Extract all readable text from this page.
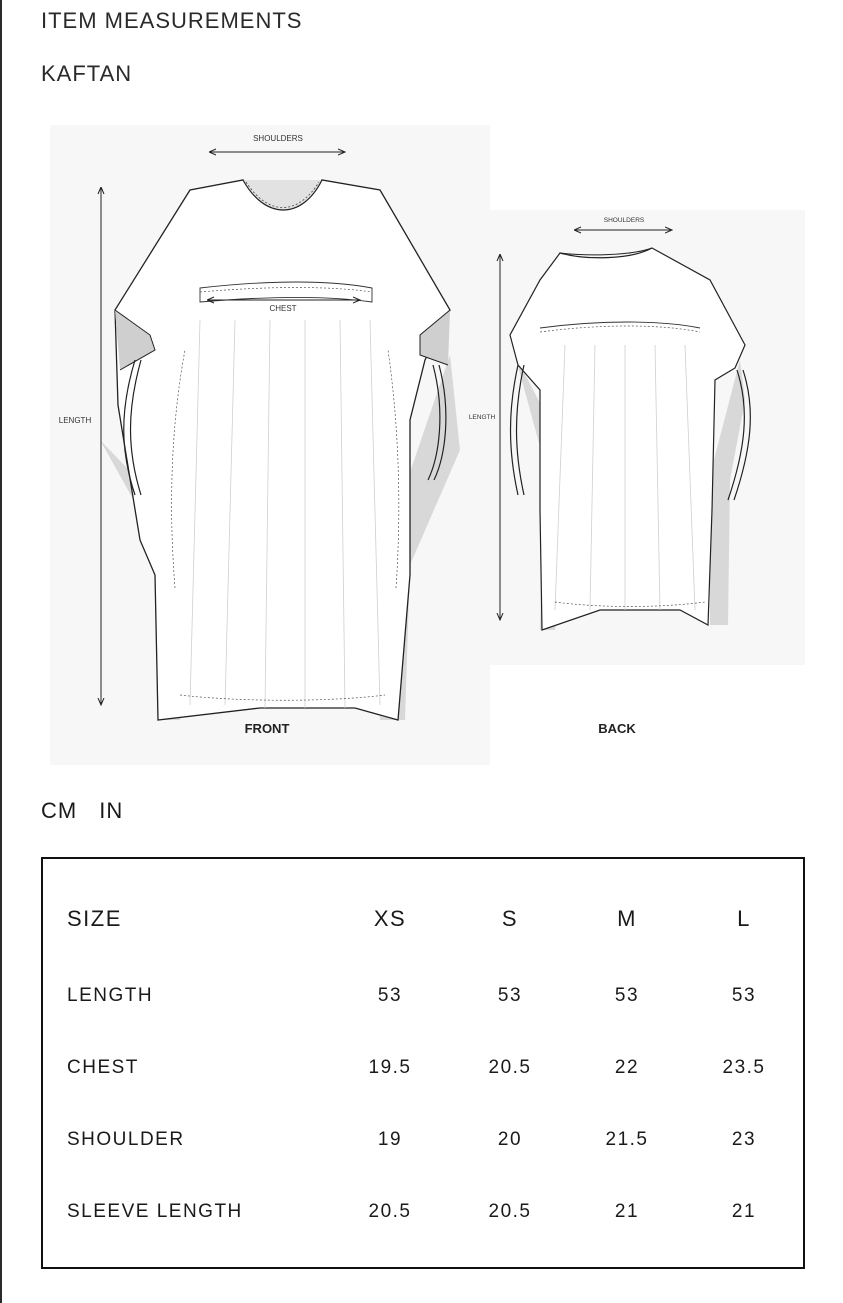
ITEM MEASUREMENTS
KAFTAN
SHOULDERS
CHEST
LENGTH
FRONT
SHOULDERS
LENGTH
BACK
CM IN
SIZE	XS	S	M	L
LENGTH	53	53	53	53
CHEST	19.5	20.5	22	23.5
SHOULDER	19	20	21.5	23
SLEEVE LENGTH	20.5	20.5	21	21
